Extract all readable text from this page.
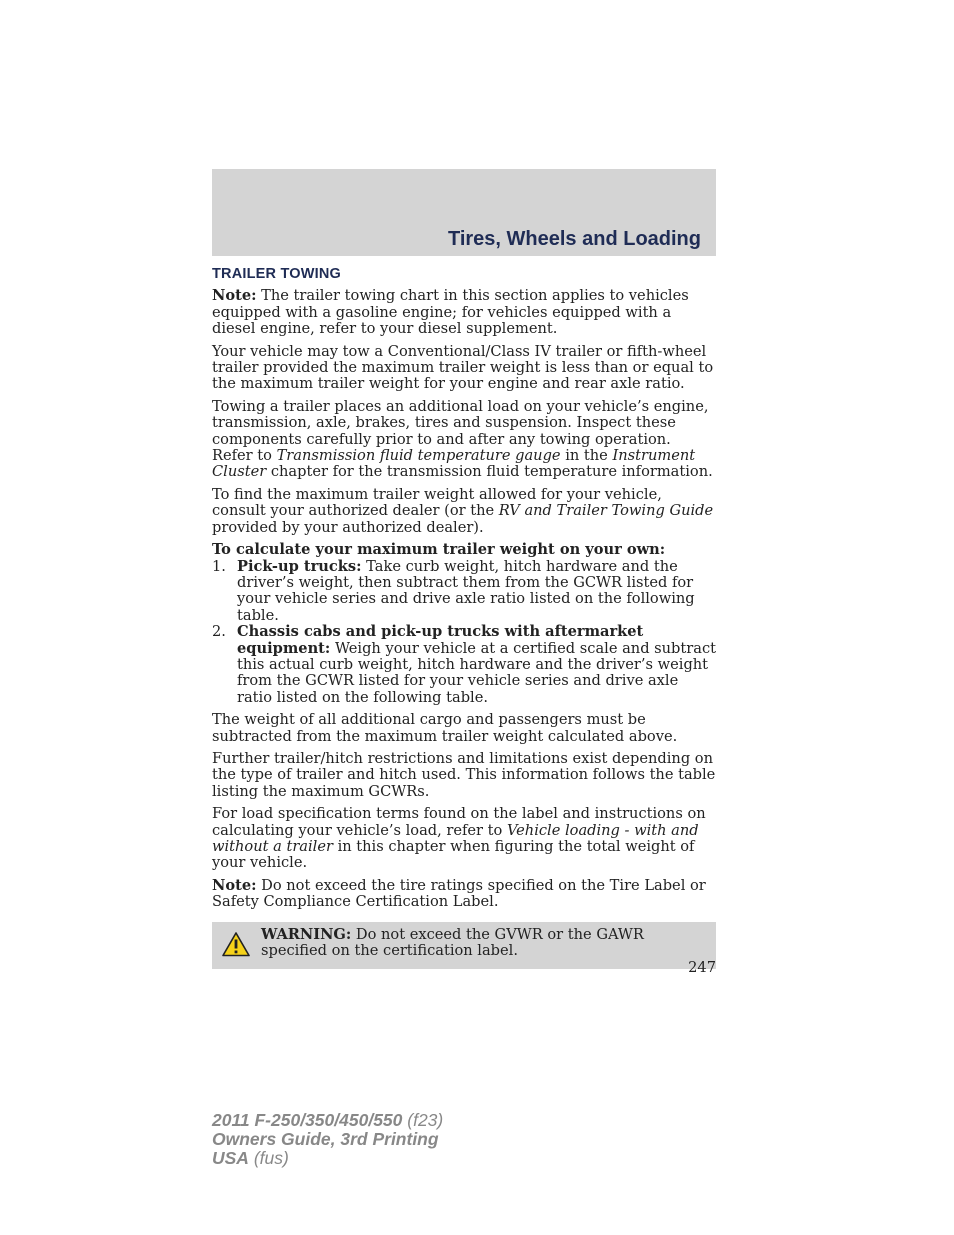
Tires, Wheels and Loading
TRAILER TOWING

Note: The trailer towing chart in this section applies to vehicles equipped with a gasoline engine; for vehicles equipped with a diesel engine, refer to your diesel supplement.

Your vehicle may tow a Conventional/Class IV trailer or fifth-wheel trailer provided the maximum trailer weight is less than or equal to the maximum trailer weight for your engine and rear axle ratio.

Towing a trailer places an additional load on your vehicle’s engine, transmission, axle, brakes, tires and suspension. Inspect these components carefully prior to and after any towing operation. Refer to Transmission fluid temperature gauge in the Instrument Cluster chapter for the transmission fluid temperature information.

To find the maximum trailer weight allowed for your vehicle, consult your authorized dealer (or the RV and Trailer Towing Guide provided by your authorized dealer).

To calculate your maximum trailer weight on your own:

1. Pick-up trucks: Take curb weight, hitch hardware and the driver’s weight, then subtract them from the GCWR listed for your vehicle series and drive axle ratio listed on the following table.
2. Chassis cabs and pick-up trucks with aftermarket equipment: Weigh your vehicle at a certified scale and subtract this actual curb weight, hitch hardware and the driver’s weight from the GCWR listed for your vehicle series and drive axle ratio listed on the following table.

The weight of all additional cargo and passengers must be subtracted from the maximum trailer weight calculated above.

Further trailer/hitch restrictions and limitations exist depending on the type of trailer and hitch used. This information follows the table listing the maximum GCWRs.

For load specification terms found on the label and instructions on calculating your vehicle’s load, refer to Vehicle loading - with and without a trailer in this chapter when figuring the total weight of your vehicle.

Note: Do not exceed the tire ratings specified on the Tire Label or Safety Compliance Certification Label.

WARNING: Do not exceed the GVWR or the GAWR specified on the certification label.

247

2011 F-250/350/450/550 (f23)
Owners Guide, 3rd Printing
USA (fus)
